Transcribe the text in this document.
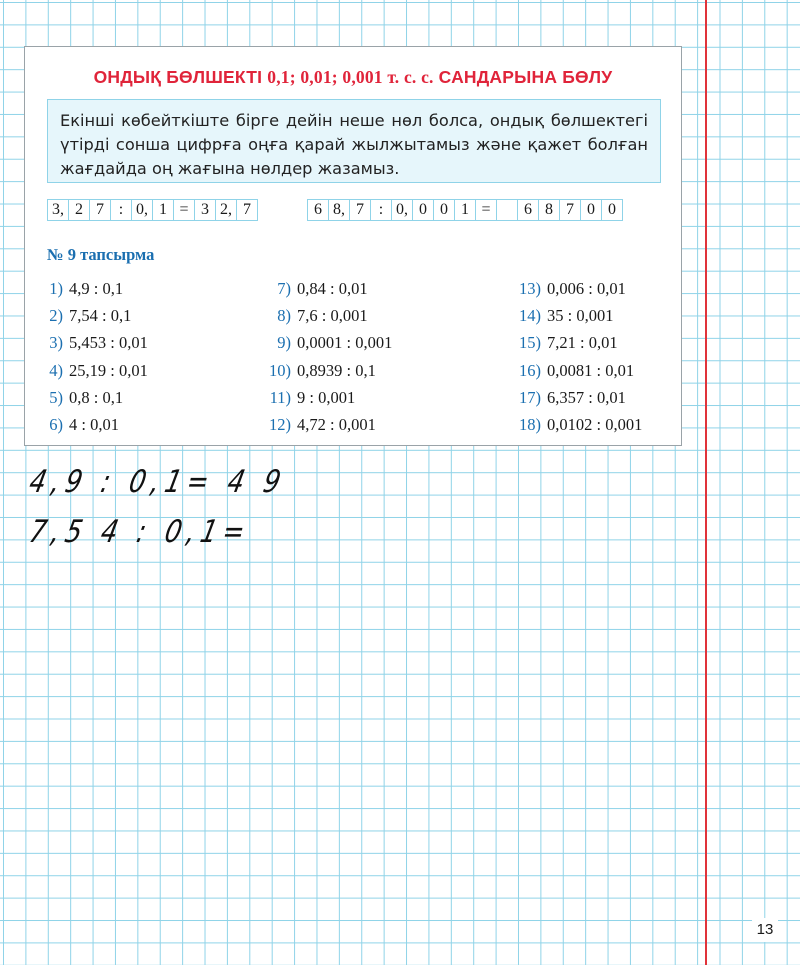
ОНДЫҚ БӨЛШЕКТІ 0,1; 0,01; 0,001 т. с. с. САНДАРЫНА БӨЛУ
Екінші көбейткіште бірге дейін неше нөл болса, ондық бөлшектегі үтірді сонша цифрға оңға қарай жылжытамыз және қажет болған жағдайда оң жағына нөлдер жазамыз.
3, 2 7 : 0, 1 = 3 2, 7	6 8, 7 : 0, 0 0 1 =	6 8 7 0 0
№ 9 тапсырма
1) 4,9 : 0,1
2) 7,54 : 0,1
3) 5,453 : 0,01
4) 25,19 : 0,01
5) 0,8 : 0,1
6) 4 : 0,01
7) 0,84 : 0,01
8) 7,6 : 0,001
9) 0,0001 : 0,001
10) 0,8939 : 0,1
11) 9 : 0,001
12) 4,72 : 0,001
13) 0,006 : 0,01
14) 35 : 0,001
15) 7,21 : 0,01
16) 0,0081 : 0,01
17) 6,357 : 0,01
18) 0,0102 : 0,001
4,9 : 0,1= 4 9
7,5 4 : 0,1=
13
